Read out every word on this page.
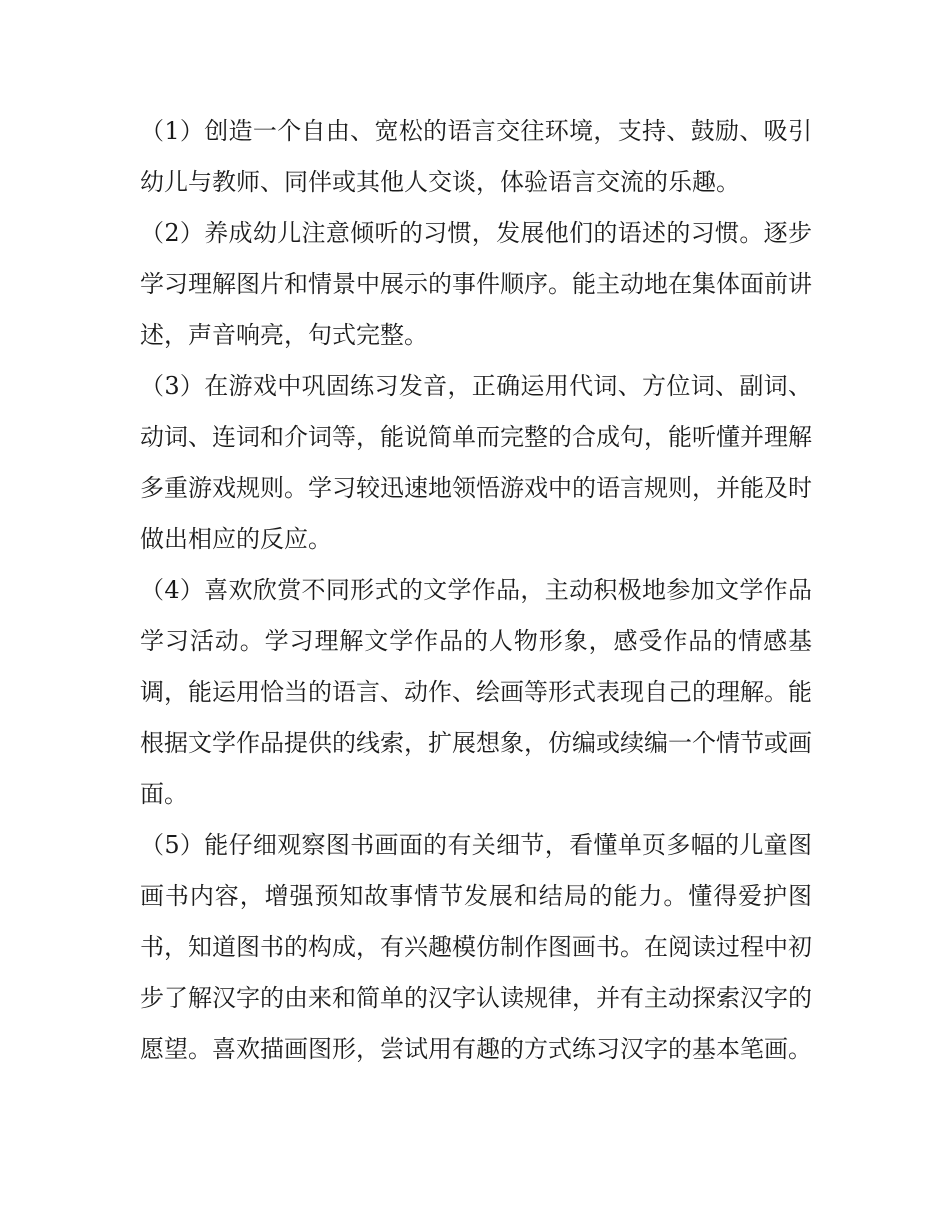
（1）创造一个自由、宽松的语言交往环境，支持、鼓励、吸引幼儿与教师、同伴或其他人交谈，体验语言交流的乐趣。

（2）养成幼儿注意倾听的习惯，发展他们的语述的习惯。逐步学习理解图片和情景中展示的事件顺序。能主动地在集体面前讲述，声音响亮，句式完整。

（3）在游戏中巩固练习发音，正确运用代词、方位词、副词、动词、连词和介词等，能说简单而完整的合成句，能听懂并理解多重游戏规则。学习较迅速地领悟游戏中的语言规则，并能及时做出相应的反应。

（4）喜欢欣赏不同形式的文学作品，主动积极地参加文学作品学习活动。学习理解文学作品的人物形象，感受作品的情感基调，能运用恰当的语言、动作、绘画等形式表现自己的理解。能根据文学作品提供的线索，扩展想象，仿编或续编一个情节或画面。

（5）能仔细观察图书画面的有关细节，看懂单页多幅的儿童图画书内容，增强预知故事情节发展和结局的能力。懂得爱护图书，知道图书的构成，有兴趣模仿制作图画书。在阅读过程中初步了解汉字的由来和简单的汉字认读规律，并有主动探索汉字的愿望。喜欢描画图形，尝试用有趣的方式练习汉字的基本笔画。
